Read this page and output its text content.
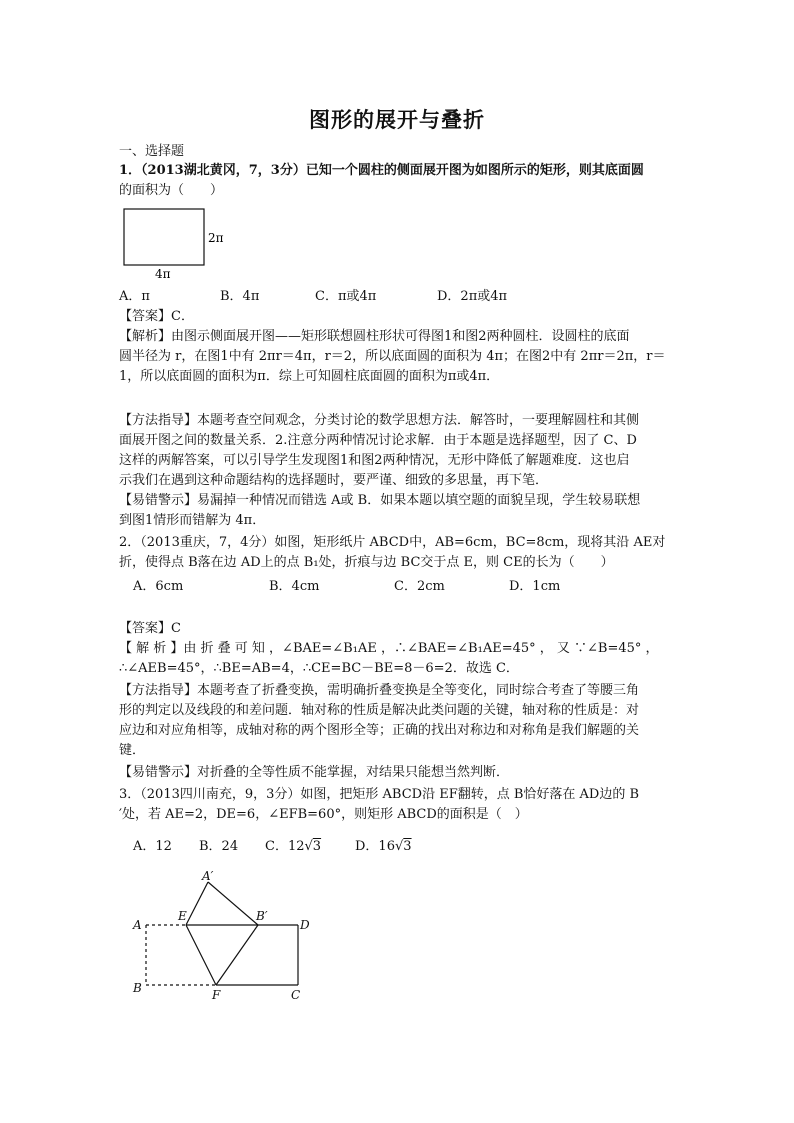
图形的展开与叠折
一、选择题
1．（2013湖北黄冈，7，3分）已知一个圆柱的侧面展开图为如图所示的矩形，则其底面圆
的面积为（　　）
2π
4π
A．π	B．4π	C．π或4π	D．2π或4π
【答案】C．
【解析】由图示侧面展开图——矩形联想圆柱形状可得图1和图2两种圆柱．设圆柱的底面
圆半径为 r，在图1中有 2πr＝4π，r＝2，所以底面圆的面积为 4π；在图2中有 2πr＝2π，r＝
1，所以底面圆的面积为π．综上可知圆柱底面圆的面积为π或4π．
【方法指导】本题考查空间观念，分类讨论的数学思想方法．解答时，一要理解圆柱和其侧
面展开图之间的数量关系．2.注意分两种情况讨论求解．由于本题是选择题型，因了 C、D
这样的两解答案，可以引导学生发现图1和图2两种情况，无形中降低了解题难度．这也启
示我们在遇到这种命题结构的选择题时，要严谨、细致的多思量，再下笔．
【易错警示】易漏掉一种情况而错选 A或 B．如果本题以填空题的面貌呈现，学生较易联想
到图1情形而错解为 4π．
2．（2013重庆，7，4分）如图，矩形纸片 ABCD中，AB=6cm，BC=8cm，现将其沿 AE对
折，使得点 B落在边 AD上的点 B₁处，折痕与边 BC交于点 E，则 CE的长为（　　）
A．6cm	B．4cm	C．2cm	D．1cm
【答案】C
【 解 析 】由 折 叠 可 知 ，∠BAE=∠B₁AE ，∴∠BAE=∠B₁AE=45° ， 又 ∵∠B=45° ，
∴∠AEB=45°，∴BE=AB=4，∴CE=BC－BE=8－6=2．故选 C．
【方法指导】本题考查了折叠变换，需明确折叠变换是全等变化，同时综合考查了等腰三角
形的判定以及线段的和差问题．轴对称的性质是解决此类问题的关键，轴对称的性质是：对
应边和对应角相等，成轴对称的两个图形全等；正确的找出对称边和对称角是我们解题的关
键．
【易错警示】对折叠的全等性质不能掌握，对结果只能想当然判断．
3．（2013四川南充，9，3分）如图，把矩形 ABCD沿 EF翻转，点 B恰好落在 AD边的 B
′处，若 AE=2，DE=6，∠EFB=60°，则矩形 ABCD的面积是（　）
A．12 B．24 C．12√3	D．16√3
A
A′
E	B′
D
B	F	C
